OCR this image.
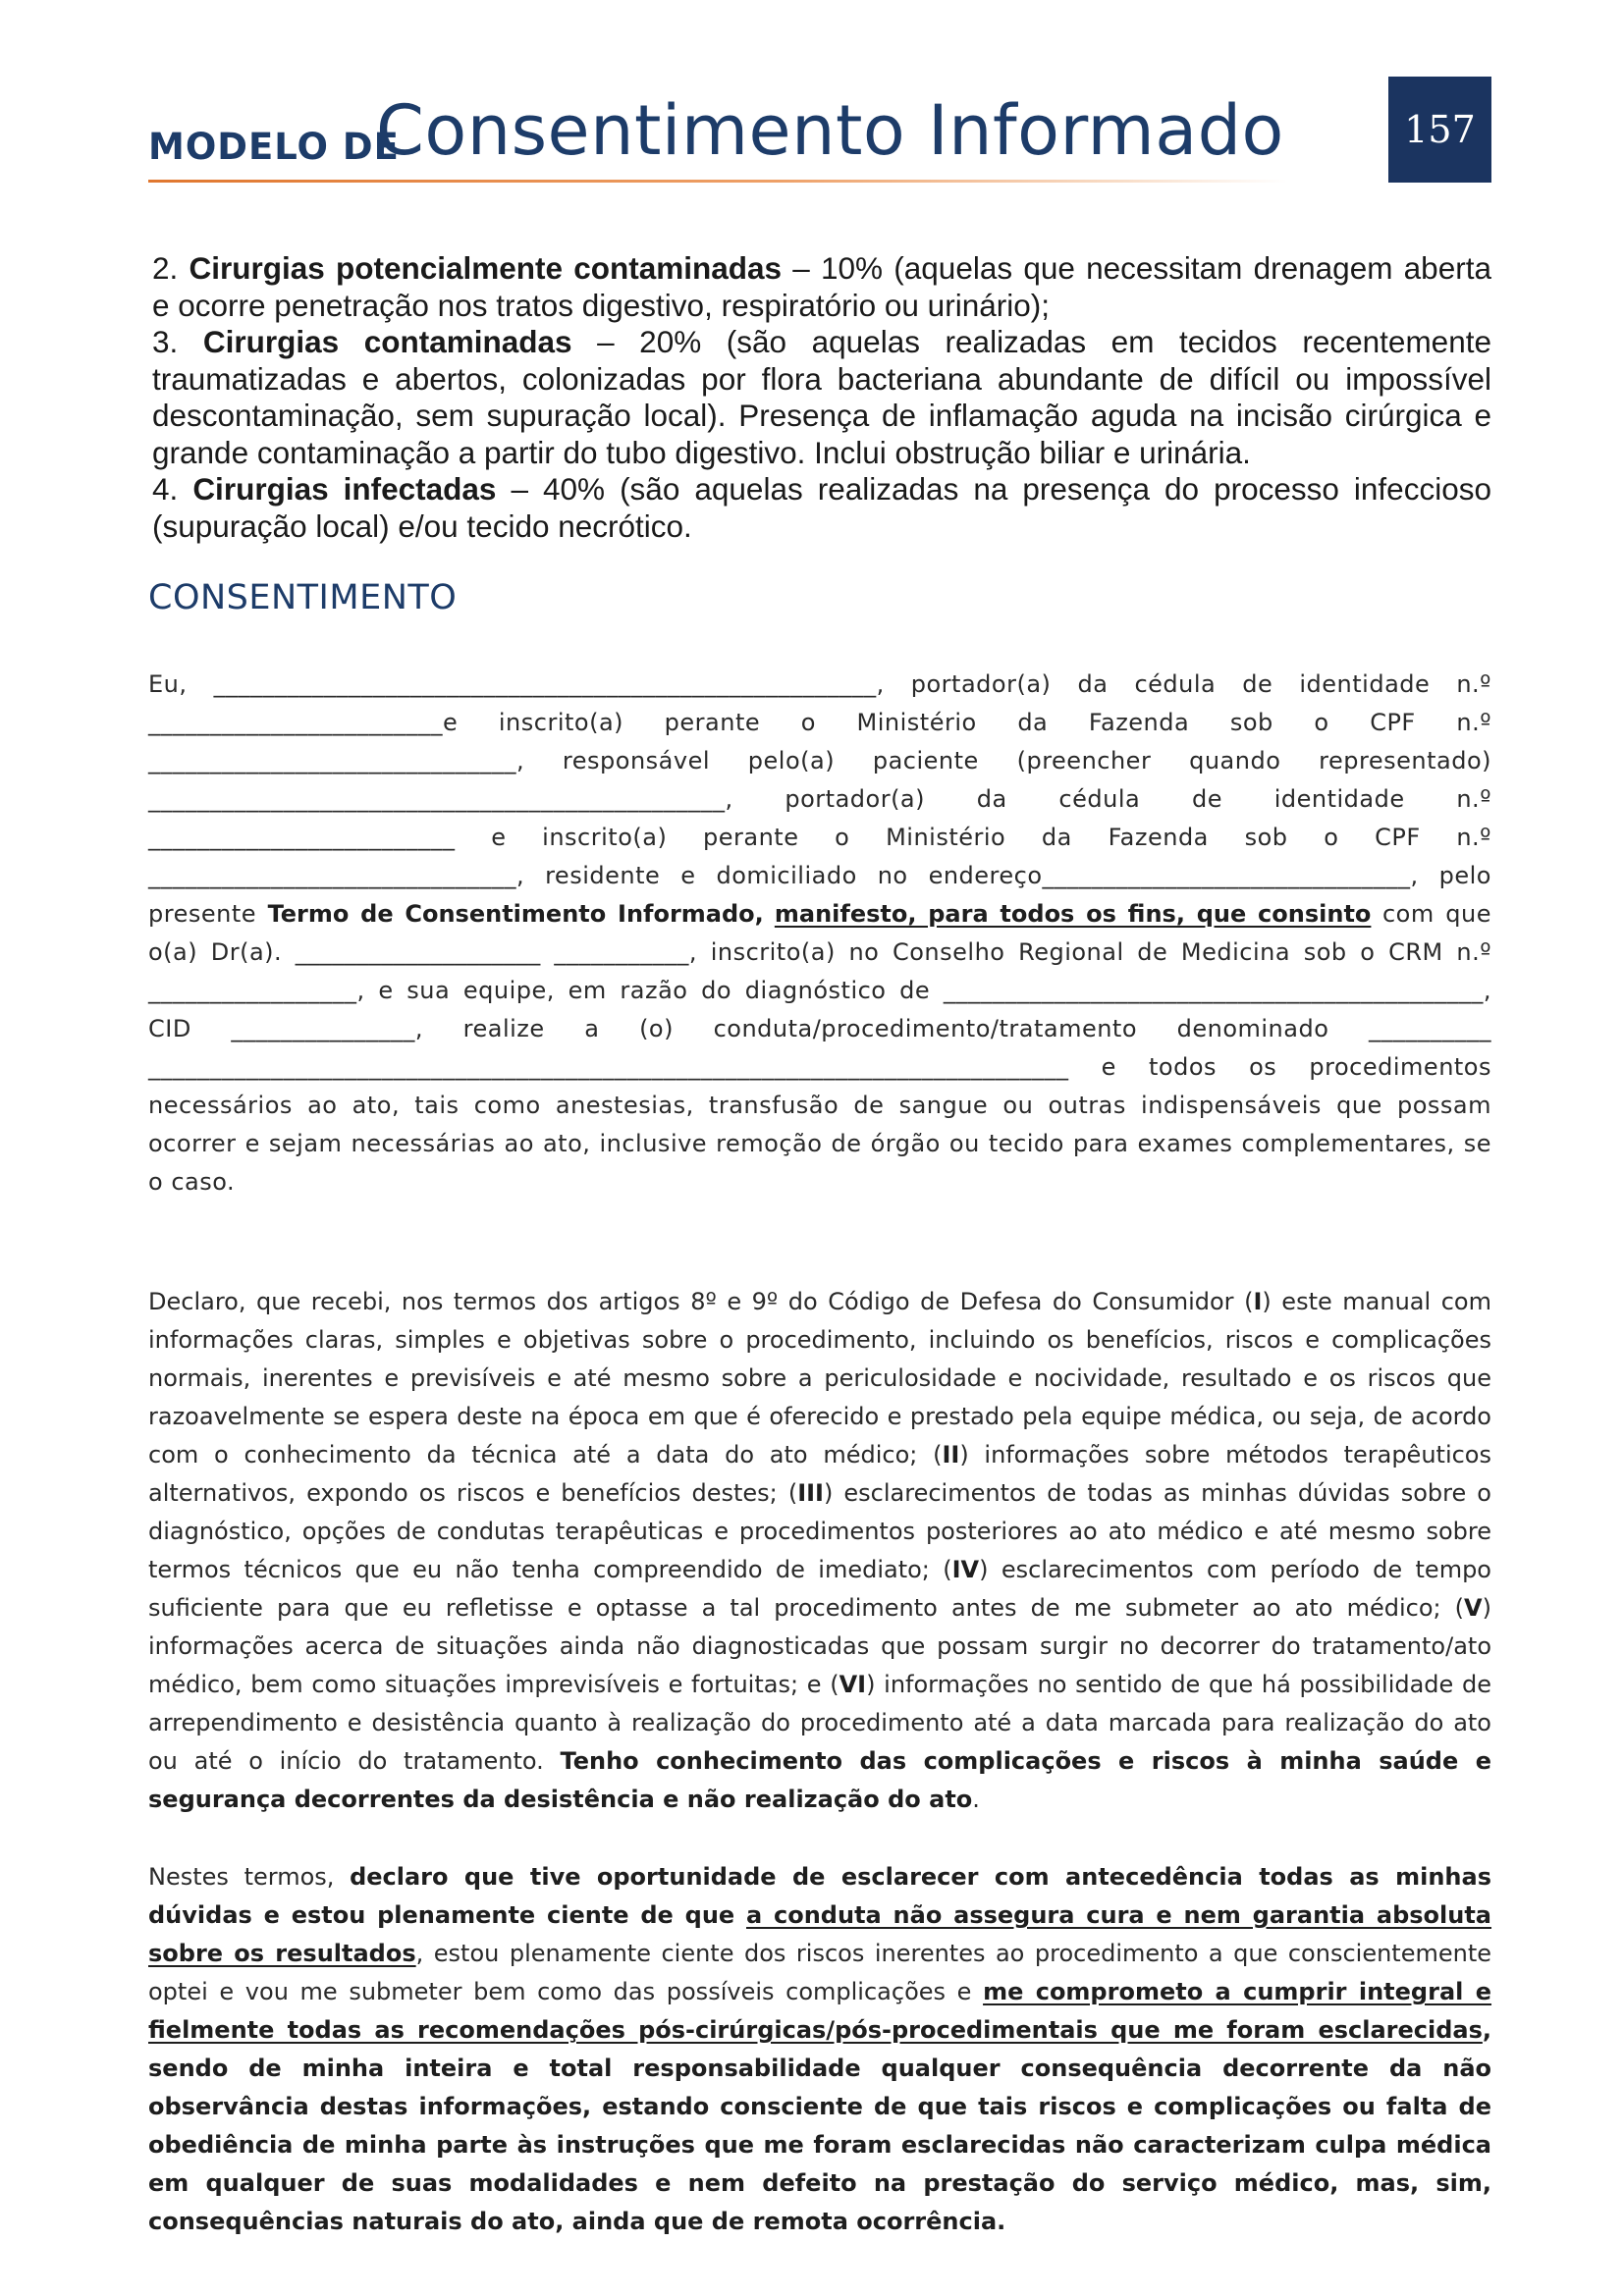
MODELO DE
Consentimento Informado	157

2. Cirurgias potencialmente contaminadas – 10% (aquelas que necessitam drenagem aberta e ocorre penetração nos tratos digestivo, respiratório ou urinário);

3. Cirurgias contaminadas – 20% (são aquelas realizadas em tecidos recentemente traumatizadas e abertos, colonizadas por flora bacteriana abundante de difícil ou impossível descontaminação, sem supuração local). Presença de inflamação aguda na incisão cirúrgica e grande contaminação a partir do tubo digestivo. Inclui obstrução biliar e urinária.

4. Cirurgias infectadas – 40% (são aquelas realizadas na presença do processo infeccioso (supuração local) e/ou tecido necrótico.

CONSENTIMENTO

Eu, ______________________________________________________, portador(a) da cédula de identidade n.º ________________________e inscrito(a) perante o Ministério da Fazenda sob o CPF n.º ______________________________, responsável pelo(a) paciente (preencher quando representado) _______________________________________________, portador(a) da cédula de identidade n.º _________________________ e inscrito(a) perante o Ministério da Fazenda sob o CPF n.º ______________________________, residente e domiciliado no endereço______________________________, pelo presente Termo de Consentimento Informado, manifesto, para todos os fins, que consinto com que o(a) Dr(a). ____________________ ___________, inscrito(a) no Conselho Regional de Medicina sob o CRM n.º _________________, e sua equipe, em razão do diagnóstico de ____________________________________________, CID _______________, realize a (o) conduta/procedimento/tratamento denominado __________ ___________________________________________________________________________ e todos os procedimentos necessários ao ato, tais como anestesias, transfusão de sangue ou outras indispensáveis que possam ocorrer e sejam necessárias ao ato, inclusive remoção de órgão ou tecido para exames complementares, se o caso.

Declaro, que recebi, nos termos dos artigos 8º e 9º do Código de Defesa do Consumidor (I) este manual com informações claras, simples e objetivas sobre o procedimento, incluindo os benefícios, riscos e complicações normais, inerentes e previsíveis e até mesmo sobre a periculosidade e nocividade, resultado e os riscos que razoavelmente se espera deste na época em que é oferecido e prestado pela equipe médica, ou seja, de acordo com o conhecimento da técnica até a data do ato médico; (II) informações sobre métodos terapêuticos alternativos, expondo os riscos e benefícios destes; (III) esclarecimentos de todas as minhas dúvidas sobre o diagnóstico, opções de condutas terapêuticas e procedimentos posteriores ao ato médico e até mesmo sobre termos técnicos que eu não tenha compreendido de imediato; (IV) esclarecimentos com período de tempo suficiente para que eu refletisse e optasse a tal procedimento antes de me submeter ao ato médico; (V) informações acerca de situações ainda não diagnosticadas que possam surgir no decorrer do tratamento/ato médico, bem como situações imprevisíveis e fortuitas; e (VI) informações no sentido de que há possibilidade de arrependimento e desistência quanto à realização do procedimento até a data marcada para realização do ato ou até o início do tratamento. Tenho conhecimento das complicações e riscos à minha saúde e segurança decorrentes da desistência e não realização do ato.

Nestes termos, declaro que tive oportunidade de esclarecer com antecedência todas as minhas dúvidas e estou plenamente ciente de que a conduta não assegura cura e nem garantia absoluta sobre os resultados, estou plenamente ciente dos riscos inerentes ao procedimento a que conscientemente optei e vou me submeter bem como das possíveis complicações e me comprometo a cumprir integral e fielmente todas as recomendações pós-cirúrgicas/pós-procedimentais que me foram esclarecidas, sendo de minha inteira e total responsabilidade qualquer consequência decorrente da não observância destas informações, estando consciente de que tais riscos e complicações ou falta de obediência de minha parte às instruções que me foram esclarecidas não caracterizam culpa médica em qualquer de suas modalidades e nem defeito na prestação do serviço médico, mas, sim, consequências naturais do ato, ainda que de remota ocorrência.
